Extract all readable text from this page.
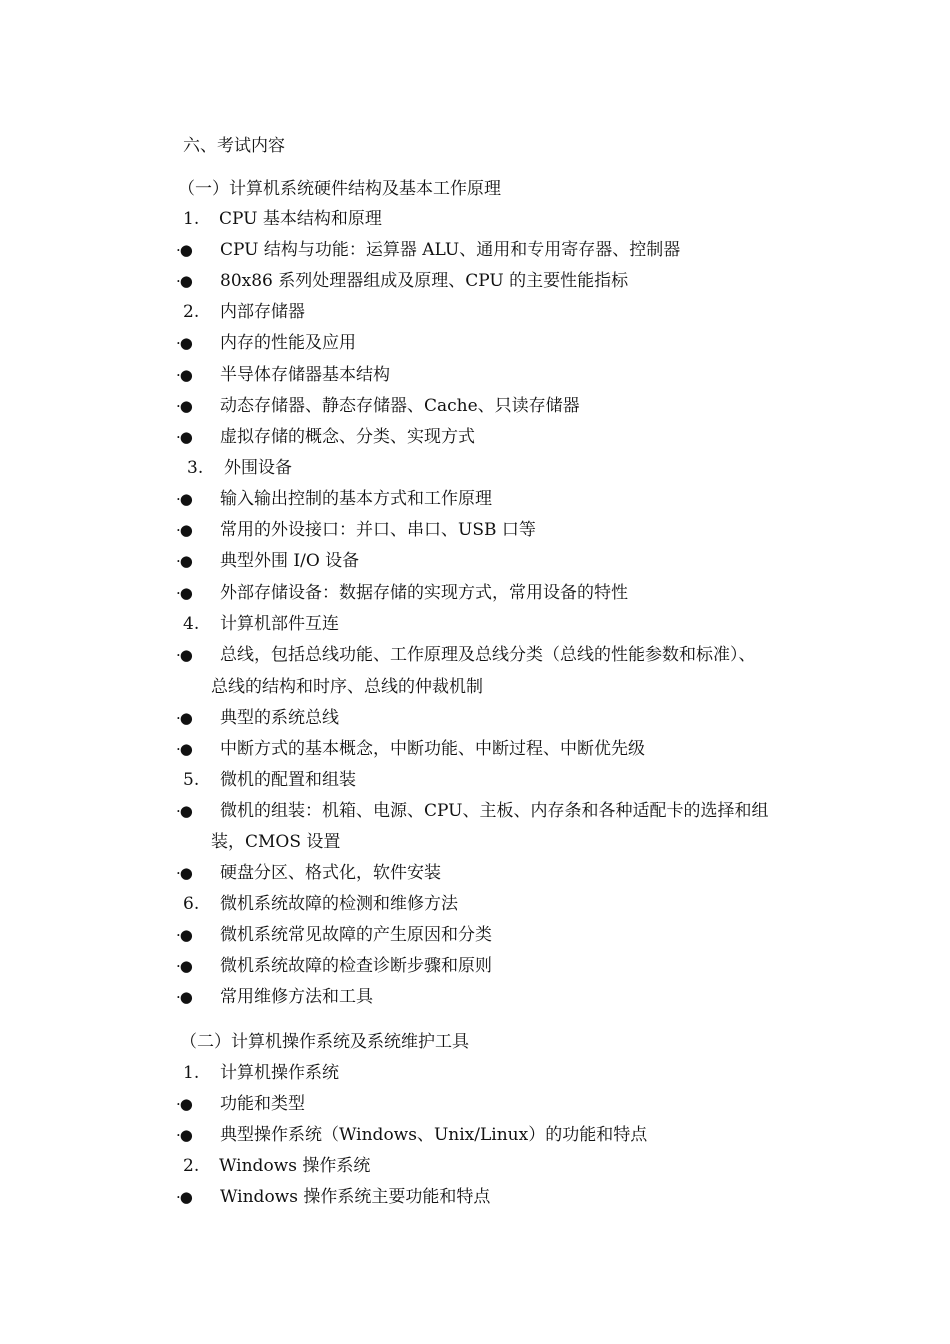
六、考试内容
（一）计算机系统硬件结构及基本工作原理
1. CPU 基本结构和原理
·● CPU 结构与功能：运算器 ALU、通用和专用寄存器、控制器
·● 80x86 系列处理器组成及原理、CPU 的主要性能指标
2. 内部存储器
·● 内存的性能及应用
·● 半导体存储器基本结构
·● 动态存储器、静态存储器、Cache、只读存储器
·● 虚拟存储的概念、分类、实现方式
3. 外围设备
·● 输入输出控制的基本方式和工作原理
·● 常用的外设接口：并口、串口、USB 口等
·● 典型外围 I/O 设备
·● 外部存储设备：数据存储的实现方式，常用设备的特性
4. 计算机部件互连
·● 总线，包括总线功能、工作原理及总线分类（总线的性能参数和标准）、
总线的结构和时序、总线的仲裁机制
·● 典型的系统总线
·● 中断方式的基本概念，中断功能、中断过程、中断优先级
5. 微机的配置和组装
·● 微机的组装：机箱、电源、CPU、主板、内存条和各种适配卡的选择和组
装，CMOS 设置
·● 硬盘分区、格式化，软件安装
6. 微机系统故障的检测和维修方法
·● 微机系统常见故障的产生原因和分类
·● 微机系统故障的检查诊断步骤和原则
·● 常用维修方法和工具
（二）计算机操作系统及系统维护工具
1. 计算机操作系统
·● 功能和类型
·● 典型操作系统（Windows、Unix/Linux）的功能和特点
2. Windows 操作系统
·● Windows 操作系统主要功能和特点
